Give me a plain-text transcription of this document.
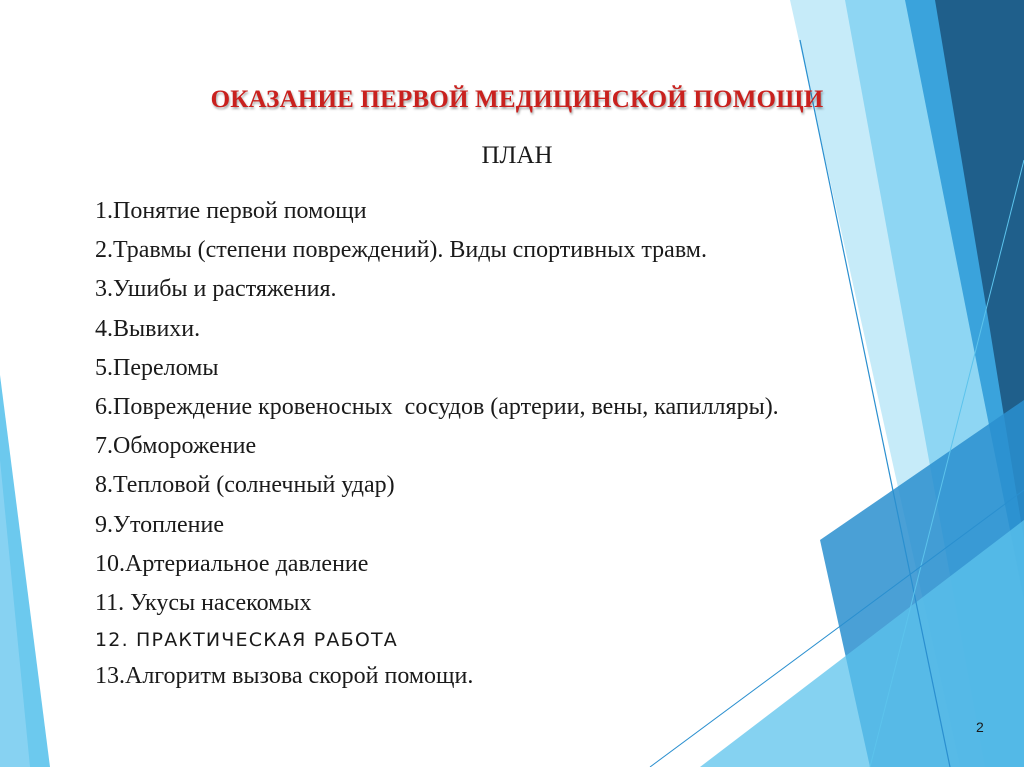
ОКАЗАНИЕ ПЕРВОЙ МЕДИЦИНСКОЙ ПОМОЩИ
ПЛАН
1.Понятие первой помощи
2.Травмы (степени повреждений). Виды спортивных травм.
3.Ушибы и растяжения.
4.Вывихи.
5.Переломы
6.Повреждение кровеносных  сосудов (артерии, вены, капилляры).
7.Обморожение
8.Тепловой (солнечный удар)
9.Утопление
10.Артериальное давление
11. Укусы насекомых
12. ПРАКТИЧЕСКАЯ РАБОТА
13.Алгоритм вызова скорой помощи.
2
